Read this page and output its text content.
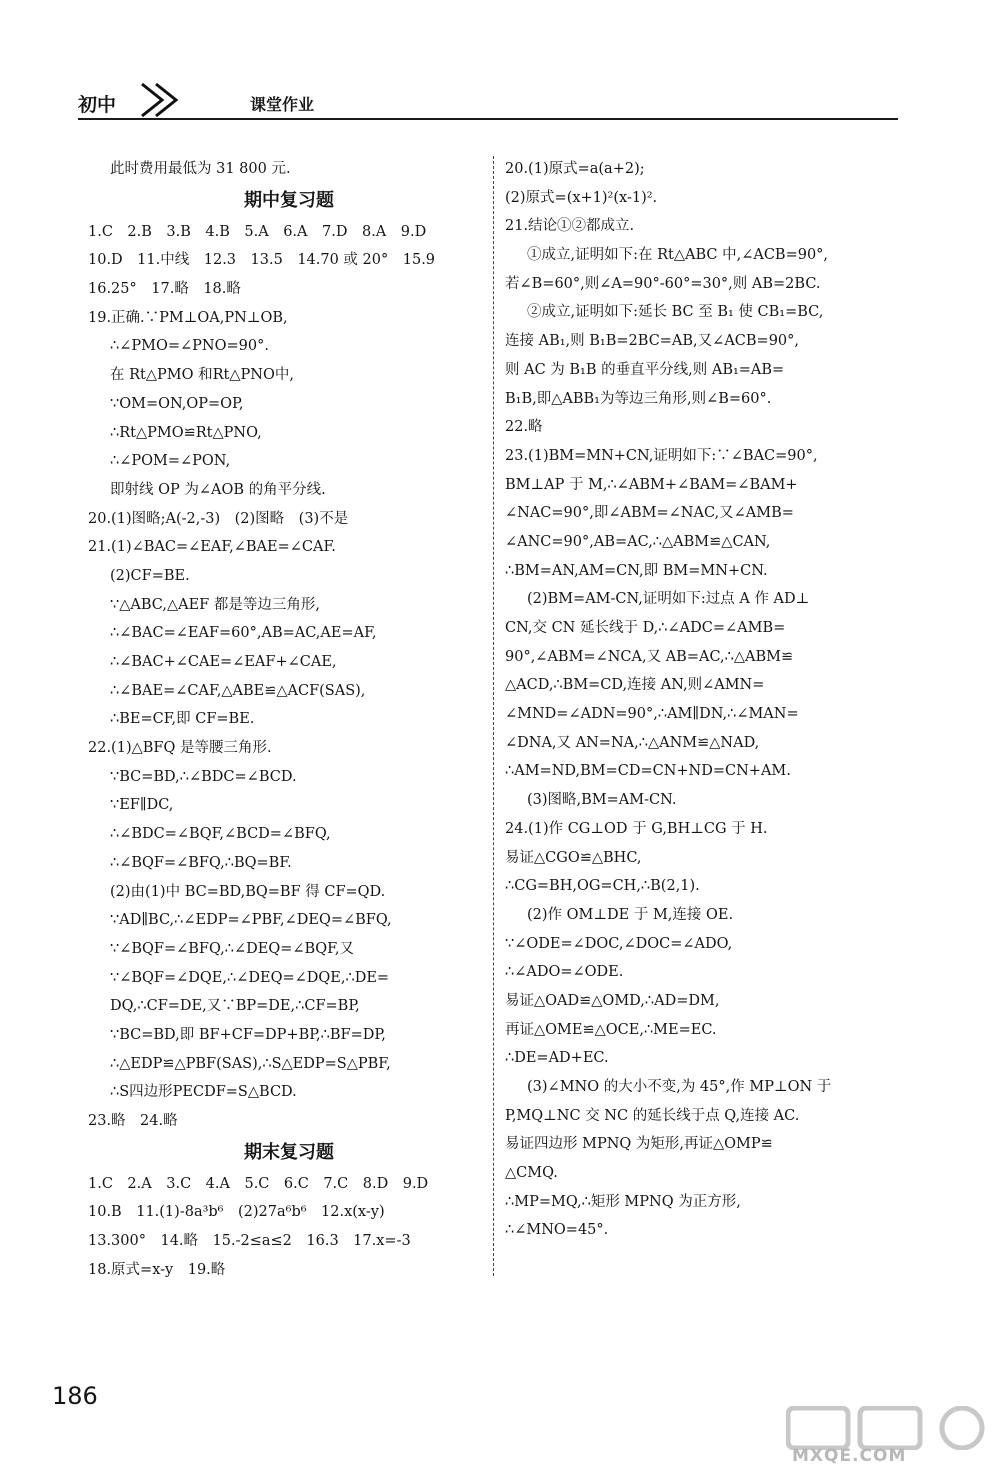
初中	课堂作业
此时费用最低为 31 800 元.
期中复习题
1.C　2.B　3.B　4.B　5.A　6.A　7.D　8.A　9.D
10.D　11.中线　12.3　13.5　14.70 或 20°　15.9
16.25°　17.略　18.略
19.正确.∵PM⊥OA,PN⊥OB,
∴∠PMO=∠PNO=90°.
在 Rt△PMO 和Rt△PNO中,
∵OM=ON,OP=OP,
∴Rt△PMO≌Rt△PNO,
∴∠POM=∠PON,
即射线 OP 为∠AOB 的角平分线.
20.(1)图略;A(-2,-3)　(2)图略　(3)不是
21.(1)∠BAC=∠EAF,∠BAE=∠CAF.
(2)CF=BE.
∵△ABC,△AEF 都是等边三角形,
∴∠BAC=∠EAF=60°,AB=AC,AE=AF,
∴∠BAC+∠CAE=∠EAF+∠CAE,
∴∠BAE=∠CAF,△ABE≌△ACF(SAS),
∴BE=CF,即 CF=BE.
22.(1)△BFQ 是等腰三角形.
∵BC=BD,∴∠BDC=∠BCD.
∵EF∥DC,
∴∠BDC=∠BQF,∠BCD=∠BFQ,
∴∠BQF=∠BFQ,∴BQ=BF.
(2)由(1)中 BC=BD,BQ=BF 得 CF=QD.
∵AD∥BC,∴∠EDP=∠PBF,∠DEQ=∠BFQ,
∵∠BQF=∠BFQ,∴∠DEQ=∠BQF,又
∵∠BQF=∠DQE,∴∠DEQ=∠DQE,∴DE=
DQ,∴CF=DE,又∵BP=DE,∴CF=BP,
∵BC=BD,即 BF+CF=DP+BP,∴BF=DP,
∴△EDP≌△PBF(SAS),∴S△EDP=S△PBF,
∴S四边形PECDF=S△BCD.
23.略　24.略
期末复习题
1.C　2.A　3.C　4.A　5.C　6.C　7.C　8.D　9.D
10.B　11.(1)-8a³b⁶　(2)27a⁶b⁶　12.x(x-y)
13.300°　14.略　15.-2≤a≤2　16.3　17.x=-3
18.原式=x-y　19.略
20.(1)原式=a(a+2);
(2)原式=(x+1)²(x-1)².
21.结论①②都成立.
①成立,证明如下:在 Rt△ABC 中,∠ACB=90°,
若∠B=60°,则∠A=90°-60°=30°,则 AB=2BC.
②成立,证明如下:延长 BC 至 B₁ 使 CB₁=BC,
连接 AB₁,则 B₁B=2BC=AB,又∠ACB=90°,
则 AC 为 B₁B 的垂直平分线,则 AB₁=AB=
B₁B,即△ABB₁为等边三角形,则∠B=60°.
22.略
23.(1)BM=MN+CN,证明如下:∵∠BAC=90°,
BM⊥AP 于 M,∴∠ABM+∠BAM=∠BAM+
∠NAC=90°,即∠ABM=∠NAC,又∠AMB=
∠ANC=90°,AB=AC,∴△ABM≌△CAN,
∴BM=AN,AM=CN,即 BM=MN+CN.
(2)BM=AM-CN,证明如下:过点 A 作 AD⊥
CN,交 CN 延长线于 D,∴∠ADC=∠AMB=
90°,∠ABM=∠NCA,又 AB=AC,∴△ABM≌
△ACD,∴BM=CD,连接 AN,则∠AMN=
∠MND=∠ADN=90°,∴AM∥DN,∴∠MAN=
∠DNA,又 AN=NA,∴△ANM≌△NAD,
∴AM=ND,BM=CD=CN+ND=CN+AM.
(3)图略,BM=AM-CN.
24.(1)作 CG⊥OD 于 G,BH⊥CG 于 H.
易证△CGO≌△BHC,
∴CG=BH,OG=CH,∴B(2,1).
(2)作 OM⊥DE 于 M,连接 OE.
∵∠ODE=∠DOC,∠DOC=∠ADO,
∴∠ADO=∠ODE.
易证△OAD≌△OMD,∴AD=DM,
再证△OME≌△OCE,∴ME=EC.
∴DE=AD+EC.
(3)∠MNO 的大小不变,为 45°,作 MP⊥ON 于
P,MQ⊥NC 交 NC 的延长线于点 Q,连接 AC.
易证四边形 MPNQ 为矩形,再证△OMP≌
△CMQ.
∴MP=MQ,∴矩形 MPNQ 为正方形,
∴∠MNO=45°.
186
MXQE.COM
